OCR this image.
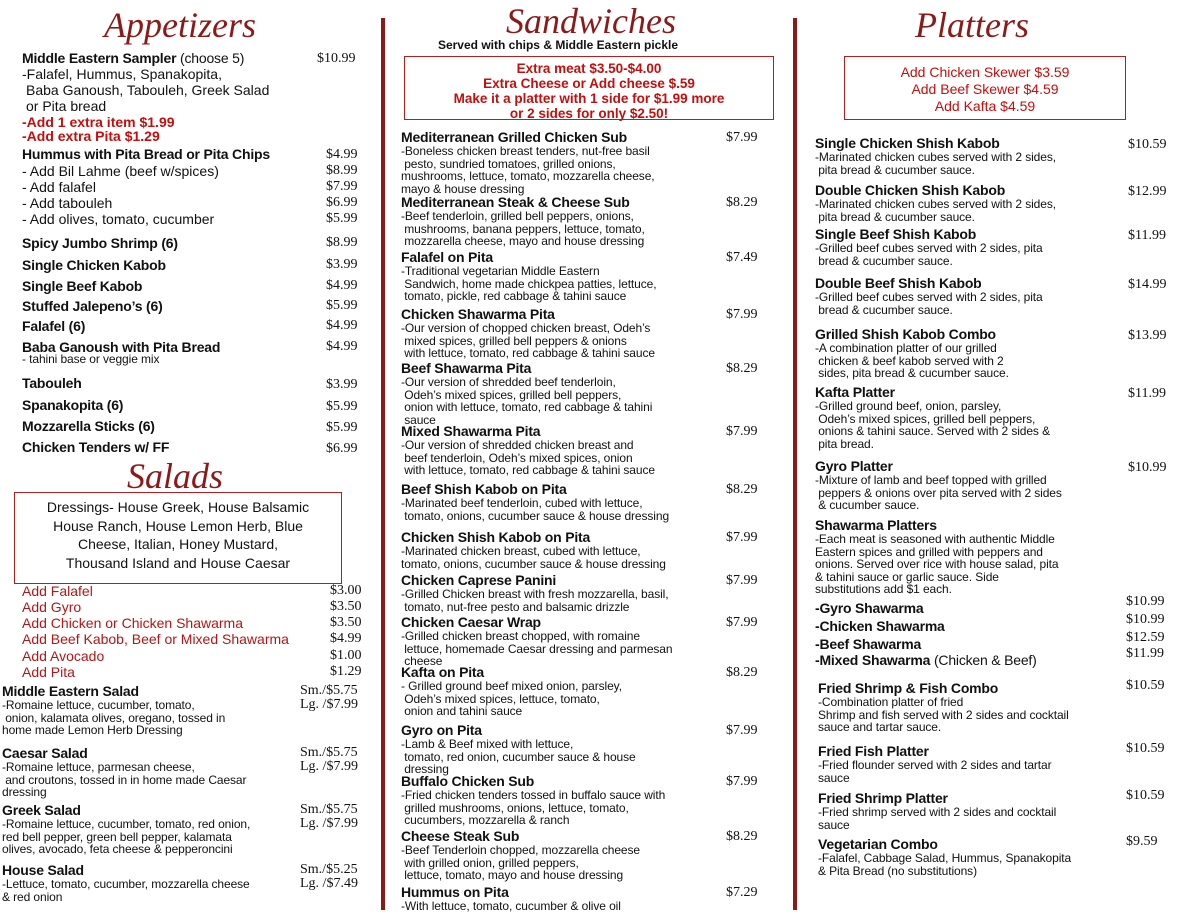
Appetizers
Middle Eastern Sampler (choose 5)
-Falafel, Hummus, Spanakopita,
Baba Ganoush, Tabouleh, Greek Salad
or Pita bread
-Add 1 extra item $1.99
-Add extra Pita $1.29
$10.99
Hummus with Pita Bread or Pita Chips	$4.99
- Add Bil Lahme (beef w/spices)	$8.99
- Add falafel	$7.99
- Add tabouleh	$6.99
- Add olives, tomato, cucumber	$5.99
Spicy Jumbo Shrimp (6)	$8.99
Single Chicken Kabob	$3.99
Single Beef Kabob	$4.99
Stuffed Jalepeno’s (6)	$5.99
Falafel (6)	$4.99
Baba Ganoush with Pita Bread
- tahini base or veggie mix
$4.99
Tabouleh	$3.99
Spanakopita (6)	$5.99
Mozzarella Sticks (6)	$5.99
Chicken Tenders w/ FF	$6.99
Salads
Dressings- House Greek, House Balsamic
House Ranch, House Lemon Herb, Blue
Cheese, Italian, Honey Mustard,
Thousand Island and House Caesar
Add Falafel	$3.00
Add Gyro	$3.50
Add Chicken or Chicken Shawarma	$3.50
Add Beef Kabob, Beef or Mixed Shawarma	$4.99
Add Avocado	$1.00
Add Pita	$1.29
Middle Eastern Salad
-Romaine lettuce, cucumber, tomato,
onion, kalamata olives, oregano, tossed in
home made Lemon Herb Dressing
Sm./$5.75
Lg. /$7.99
Caesar Salad
-Romaine lettuce, parmesan cheese,
and croutons, tossed in in home made Caesar
dressing
Sm./$5.75
Lg. /$7.99
Greek Salad
-Romaine lettuce, cucumber, tomato, red onion,
red bell pepper, green bell pepper, kalamata
olives, avocado, feta cheese & pepperoncini
Sm./$5.75
Lg. /$7.99
House Salad
-Lettuce, tomato, cucumber, mozzarella cheese
& red onion
Sm./$5.25
Lg. /$7.49
Sandwiches
Served with chips & Middle Eastern pickle
Extra meat $3.50-$4.00
Extra Cheese or Add cheese $.59
Make it a platter with 1 side for $1.99 more
or 2 sides for only $2.50!
Mediterranean Grilled Chicken Sub
-Boneless chicken breast tenders, nut-free basil
pesto, sundried tomatoes, grilled onions,
mushrooms, lettuce, tomato, mozzarella cheese,
mayo & house dressing
$7.99
Mediterranean Steak & Cheese Sub
-Beef tenderloin, grilled bell peppers, onions,
mushrooms, banana peppers, lettuce, tomato,
mozzarella cheese, mayo and house dressing
$8.29
Falafel on Pita
-Traditional vegetarian Middle Eastern
Sandwich, home made chickpea patties, lettuce,
tomato, pickle, red cabbage & tahini sauce
$7.49
Chicken Shawarma Pita
-Our version of chopped chicken breast, Odeh’s
mixed spices, grilled bell peppers & onions
with lettuce, tomato, red cabbage & tahini sauce
$7.99
Beef Shawarma Pita
-Our version of shredded beef tenderloin,
Odeh’s mixed spices, grilled bell peppers,
onion with lettuce, tomato, red cabbage & tahini
sauce
$8.29
Mixed Shawarma Pita
-Our version of shredded chicken breast and
beef tenderloin, Odeh’s mixed spices, onion
with lettuce, tomato, red cabbage & tahini sauce
$7.99
Beef Shish Kabob on Pita
-Marinated beef tenderloin, cubed with lettuce,
tomato, onions, cucumber sauce & house dressing
$8.29
Chicken Shish Kabob on Pita
-Marinated chicken breast, cubed with lettuce,
tomato, onions, cucumber sauce & house dressing
$7.99
Chicken Caprese Panini
-Grilled Chicken breast with fresh mozzarella, basil,
tomato, nut-free pesto and balsamic drizzle
$7.99
Chicken Caesar Wrap
-Grilled chicken breast chopped, with romaine
lettuce, homemade Caesar dressing and parmesan
cheese
$7.99
Kafta on Pita
- Grilled ground beef mixed onion, parsley,
Odeh’s mixed spices, lettuce, tomato,
onion and tahini sauce
$8.29
Gyro on Pita
-Lamb & Beef mixed with lettuce,
tomato, red onion, cucumber sauce & house
dressing
$7.99
Buffalo Chicken Sub
-Fried chicken tenders tossed in buffalo sauce with
grilled mushrooms, onions, lettuce, tomato,
cucumbers, mozzarella & ranch
$7.99
Cheese Steak Sub
-Beef Tenderloin chopped, mozzarella cheese
with grilled onion, grilled peppers,
lettuce, tomato, mayo and house dressing
$8.29
Hummus on Pita
-With lettuce, tomato, cucumber & olive oil
$7.29
Platters
Add Chicken Skewer $3.59
Add Beef Skewer $4.59
Add Kafta $4.59
Single Chicken Shish Kabob
-Marinated chicken cubes served with 2 sides,
pita bread & cucumber sauce.
$10.59
Double Chicken Shish Kabob
-Marinated chicken cubes served with 2 sides,
pita bread & cucumber sauce.
$12.99
Single Beef Shish Kabob
-Grilled beef cubes served with 2 sides, pita
bread & cucumber sauce.
$11.99
Double Beef Shish Kabob
-Grilled beef cubes served with 2 sides, pita
bread & cucumber sauce.
$14.99
Grilled Shish Kabob Combo
-A combination platter of our grilled
chicken & beef kabob served with 2
sides, pita bread & cucumber sauce.
$13.99
Kafta Platter
-Grilled ground beef, onion, parsley,
Odeh’s mixed spices, grilled bell peppers,
onions & tahini sauce. Served with 2 sides &
pita bread.
$11.99
Gyro Platter
-Mixture of lamb and beef topped with grilled
peppers & onions over pita served with 2 sides
& cucumber sauce.
$10.99
Shawarma Platters
-Each meat is seasoned with authentic Middle
Eastern spices and grilled with peppers and
onions. Served over rice with house salad, pita
& tahini sauce or garlic sauce. Side
substitutions add $1 each.
-Gyro Shawarma	$10.99
-Chicken Shawarma	$10.99
-Beef Shawarma	$12.59
-Mixed Shawarma (Chicken & Beef)	$11.99
Fried Shrimp & Fish Combo
-Combination platter of fried
Shrimp and fish served with 2 sides and cocktail
sauce and tartar sauce.
$10.59
Fried Fish Platter
-Fried flounder served with 2 sides and tartar
sauce
$10.59
Fried Shrimp Platter
-Fried shrimp served with 2 sides and cocktail
sauce
$10.59
Vegetarian Combo
-Falafel, Cabbage Salad, Hummus, Spanakopita
& Pita Bread (no substitutions)
$9.59
